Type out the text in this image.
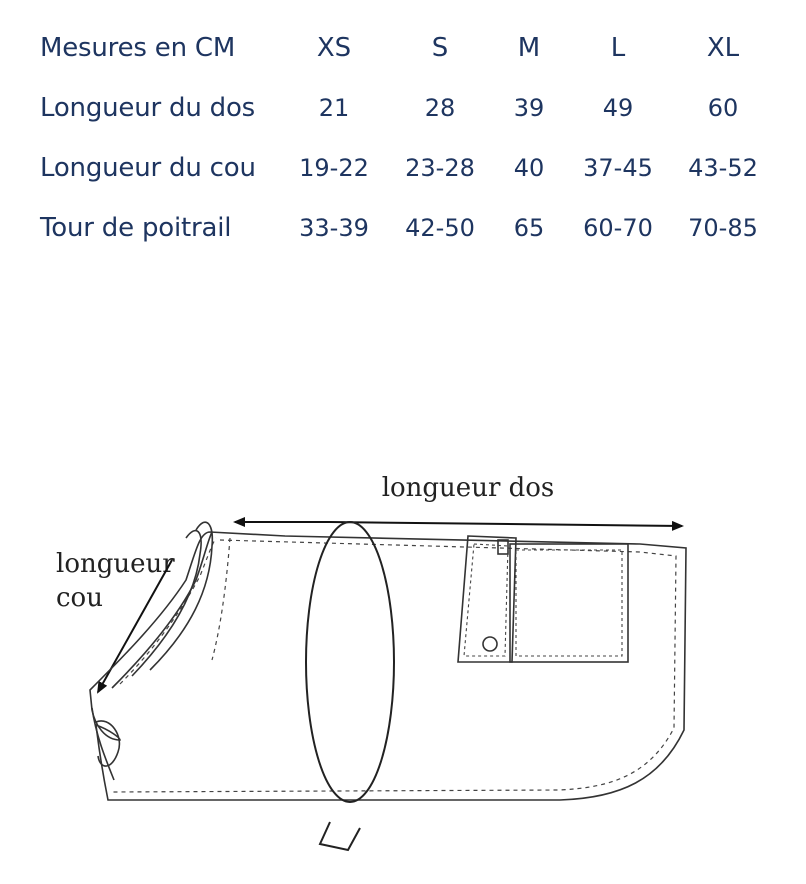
Mesures en CM	XS	S	M	L	XL
Longueur du dos	21	28	39	49	60
Longueur du cou	19-22	23-28	40	37-45	43-52
Tour de poitrail	33-39	42-50	65	60-70	70-85
longueur dos
longueur
cou
